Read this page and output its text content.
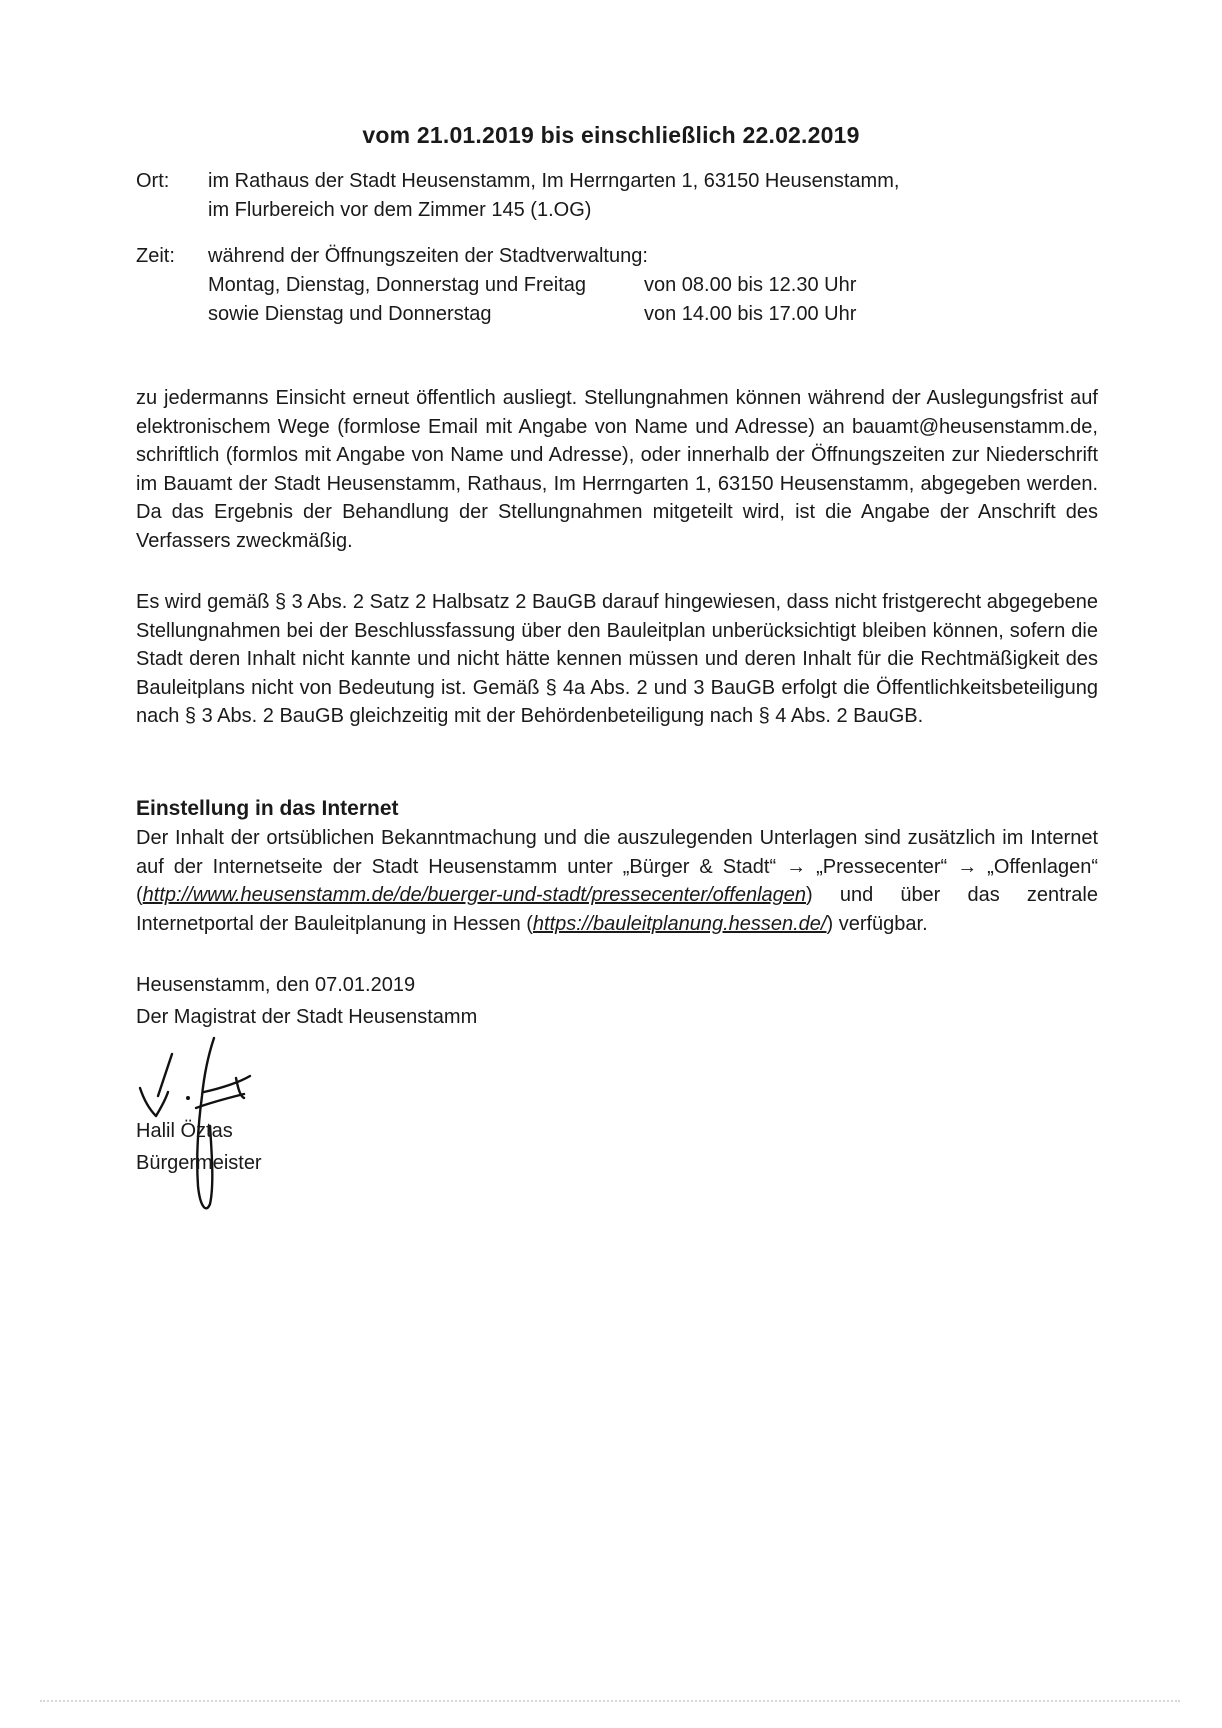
vom 21.01.2019 bis einschließlich 22.02.2019
Ort:	im Rathaus der Stadt Heusenstamm, Im Herrngarten 1, 63150 Heusenstamm,
im Flurbereich vor dem Zimmer 145 (1.OG)
Zeit:	während der Öffnungszeiten der Stadtverwaltung:
Montag, Dienstag, Donnerstag und Freitag	von 08.00 bis 12.30 Uhr
sowie Dienstag und Donnerstag	von 14.00 bis 17.00 Uhr
zu jedermanns Einsicht erneut öffentlich ausliegt. Stellungnahmen können während der Auslegungsfrist auf elektronischem Wege (formlose Email mit Angabe von Name und Adresse) an bauamt@heusenstamm.de, schriftlich (formlos mit Angabe von Name und Adresse), oder innerhalb der Öffnungszeiten zur Niederschrift im Bauamt der Stadt Heusenstamm, Rathaus, Im Herrngarten 1, 63150 Heusenstamm, abgegeben werden. Da das Ergebnis der Behandlung der Stellungnahmen mitgeteilt wird, ist die Angabe der Anschrift des Verfassers zweckmäßig.
Es wird gemäß § 3 Abs. 2 Satz 2 Halbsatz 2 BauGB darauf hingewiesen, dass nicht fristgerecht abgegebene Stellungnahmen bei der Beschlussfassung über den Bauleitplan unberücksichtigt bleiben können, sofern die Stadt deren Inhalt nicht kannte und nicht hätte kennen müssen und deren Inhalt für die Rechtmäßigkeit des Bauleitplans nicht von Bedeutung ist. Gemäß § 4a Abs. 2 und 3 BauGB erfolgt die Öffentlichkeitsbeteiligung nach § 3 Abs. 2 BauGB gleichzeitig mit der Behördenbeteiligung nach § 4 Abs. 2 BauGB.
Einstellung in das Internet
Der Inhalt der ortsüblichen Bekanntmachung und die auszulegenden Unterlagen sind zusätzlich im Internet auf der Internetseite der Stadt Heusenstamm unter „Bürger & Stadt“ → „Pressecenter“ → „Offenlagen“ (http://www.heusenstamm.de/de/buerger-und-stadt/pressecenter/offenlagen) und über das zentrale Internetportal der Bauleitplanung in Hessen (https://bauleitplanung.hessen.de/) verfügbar.
Heusenstamm, den 07.01.2019
Der Magistrat der Stadt Heusenstamm
Halil Öztas
Bürgermeister
